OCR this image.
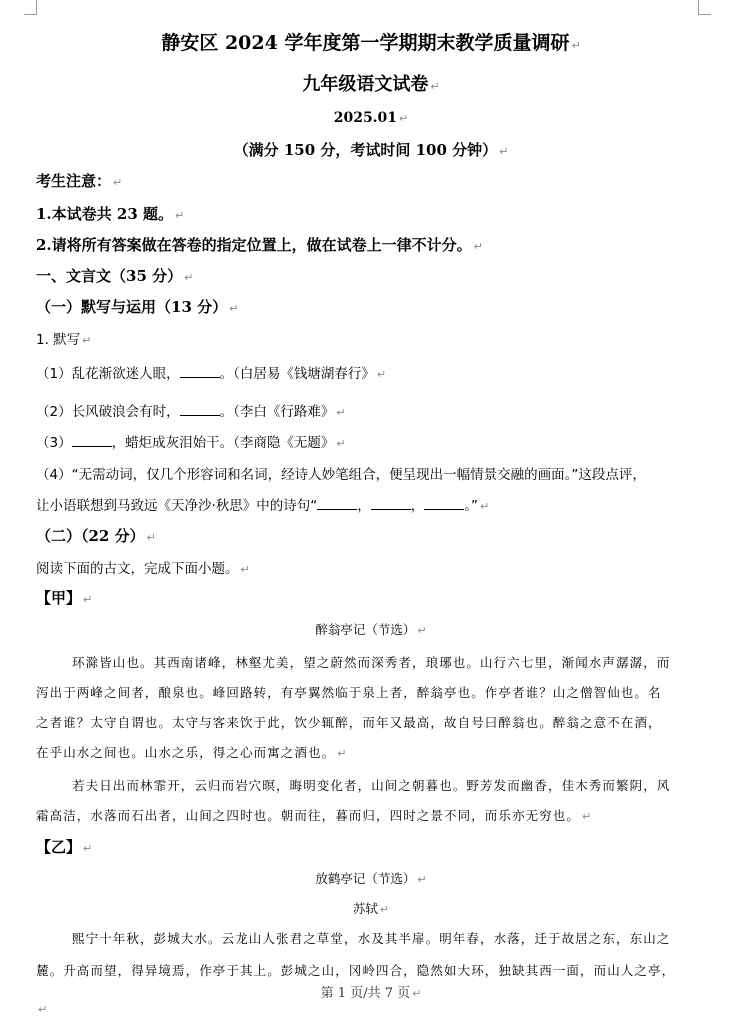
静安区 2024 学年度第一学期期末教学质量调研 ↵
九年级语文试卷 ↵
2025.01 ↵
（满分 150 分，考试时间 100 分钟） ↵
考生注意： ↵
1.本试卷共 23 题。 ↵
2.请将所有答案做在答卷的指定位置上，做在试卷上一律不计分。 ↵
一、文言文（35 分） ↵
（一）默写与运用（13 分） ↵
1. 默写 ↵
（1）乱花渐欲迷人眼，	。（白居易《钱塘湖春行》 ↵
（2）长风破浪会有时，	。（李白《行路难》 ↵
（3）	，蜡炬成灰泪始干。（李商隐《无题》 ↵
（4）“无需动词，仅几个形容词和名词，经诗人妙笔组合，便呈现出一幅情景交融的画面。”这段点评，
让小语联想到马致远《天净沙·秋思》中的诗句“	，	，	。” ↵
（二）（22 分） ↵
阅读下面的古文，完成下面小题。 ↵
【甲】 ↵
醉翁亭记（节选） ↵
环滁皆山也。其西南诸峰，林壑尤美，望之蔚然而深秀者，琅琊也。山行六七里，渐闻水声潺潺，而
泻出于两峰之间者，酿泉也。峰回路转，有亭翼然临于泉上者，醉翁亭也。作亭者谁？山之僧智仙也。名
之者谁？太守自谓也。太守与客来饮于此，饮少辄醉，而年又最高，故自号曰醉翁也。醉翁之意不在酒，
在乎山水之间也。山水之乐，得之心而寓之酒也。 ↵
若夫日出而林霏开，云归而岩穴暝，晦明变化者，山间之朝暮也。野芳发而幽香，佳木秀而繁阴，风
霜高洁，水落而石出者，山间之四时也。朝而往，暮而归，四时之景不同，而乐亦无穷也。 ↵
【乙】 ↵
放鹤亭记（节选） ↵
苏轼 ↵
熙宁十年秋，彭城大水。云龙山人张君之草堂，水及其半扉。明年春，水落，迁于故居之东，东山之
麓。升高而望，得异境焉，作亭于其上。彭城之山，冈岭四合，隐然如大环，独缺其西一面，而山人之亭，
第 1 页/共 7 页 ↵
↵
